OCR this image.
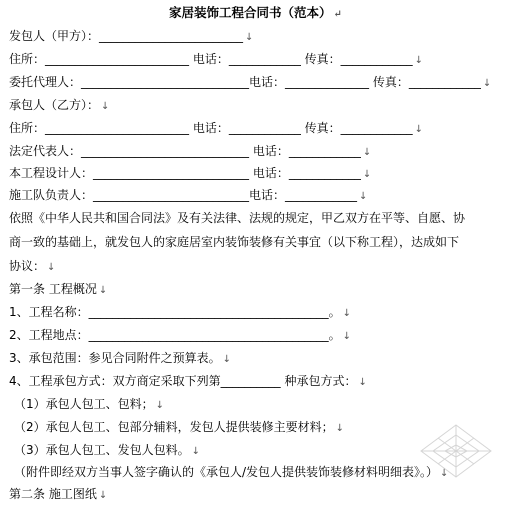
家居装饰工程合同书（范本） ↵
发包人（甲方）：________________________ ↓
住所：________________________ 电话：____________ 传真：____________ ↓
委托代理人：____________________________电话：______________ 传真：____________ ↓
承包人（乙方）： ↓
住所：________________________ 电话：____________ 传真：____________ ↓
法定代表人：____________________________ 电话：____________ ↓
本工程设计人：__________________________ 电话：____________ ↓
施工队负责人：__________________________电话：____________ ↓
依照《中华人民共和国合同法》及有关法律、法规的规定，甲乙双方在平等、自愿、协
商一致的基础上，就发包人的家庭居室内装饰装修有关事宜（以下称工程），达成如下
协议： ↓
第一条 工程概况 ↓
1、工程名称：________________________________________。 ↓
2、工程地点：________________________________________。 ↓
3、承包范围：参见合同附件之预算表。 ↓
4、工程承包方式：双方商定采取下列第__________ 种承包方式： ↓
（1）承包人包工、包料； ↓
（2）承包人包工、包部分辅料，发包人提供装修主要材料； ↓
（3）承包人包工、发包人包料。 ↓
（附件即经双方当事人签字确认的《承包人/发包人提供装饰装修材料明细表》。） ↓
第二条 施工图纸 ↓
